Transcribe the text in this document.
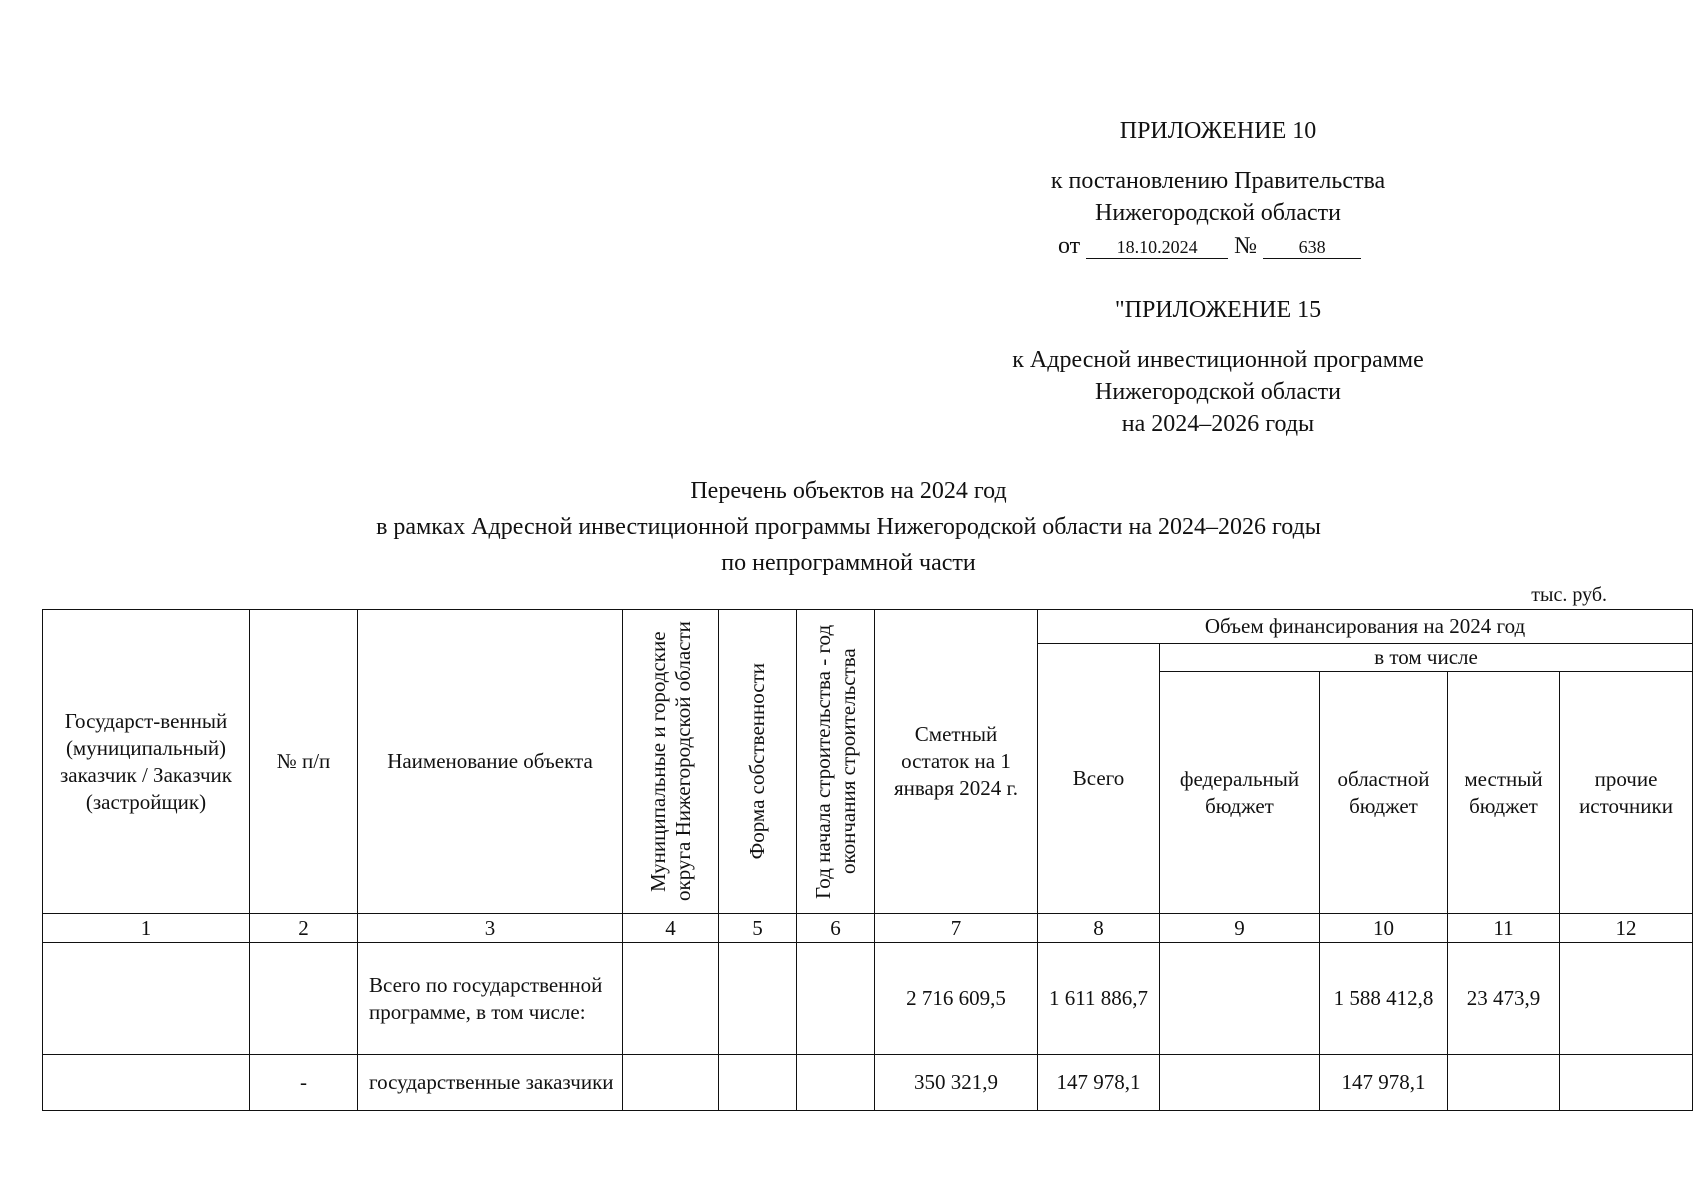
ПРИЛОЖЕНИЕ 10
к постановлению Правительства
Нижегородской области
от 18.10.2024 № 638
"ПРИЛОЖЕНИЕ 15
к Адресной инвестиционной программе
Нижегородской области
на 2024–2026 годы
Перечень объектов на 2024 год
в рамках Адресной инвестиционной программы Нижегородской области на 2024–2026 годы
по непрограммной части
тыс. руб.
Государст-венный (муниципальный) заказчик / Заказчик (застройщик)	№ п/п	Наименование объекта	Муниципальные и городские округа Нижегородской области	Форма собственности	Год начала строительства - год окончания строительства	Сметный остаток на 1 января 2024 г.	Объем финансирования на 2024 год				
							Всего	в том числе			
								федеральный бюджет	областной бюджет	местный бюджет	прочие источники
1	2	3	4	5	6	7	8	9	10	11	12
		Всего по государственной программе, в том числе:				2 716 609,5	1 611 886,7		1 588 412,8	23 473,9	
	-	государственные заказчики				350 321,9	147 978,1		147 978,1		
